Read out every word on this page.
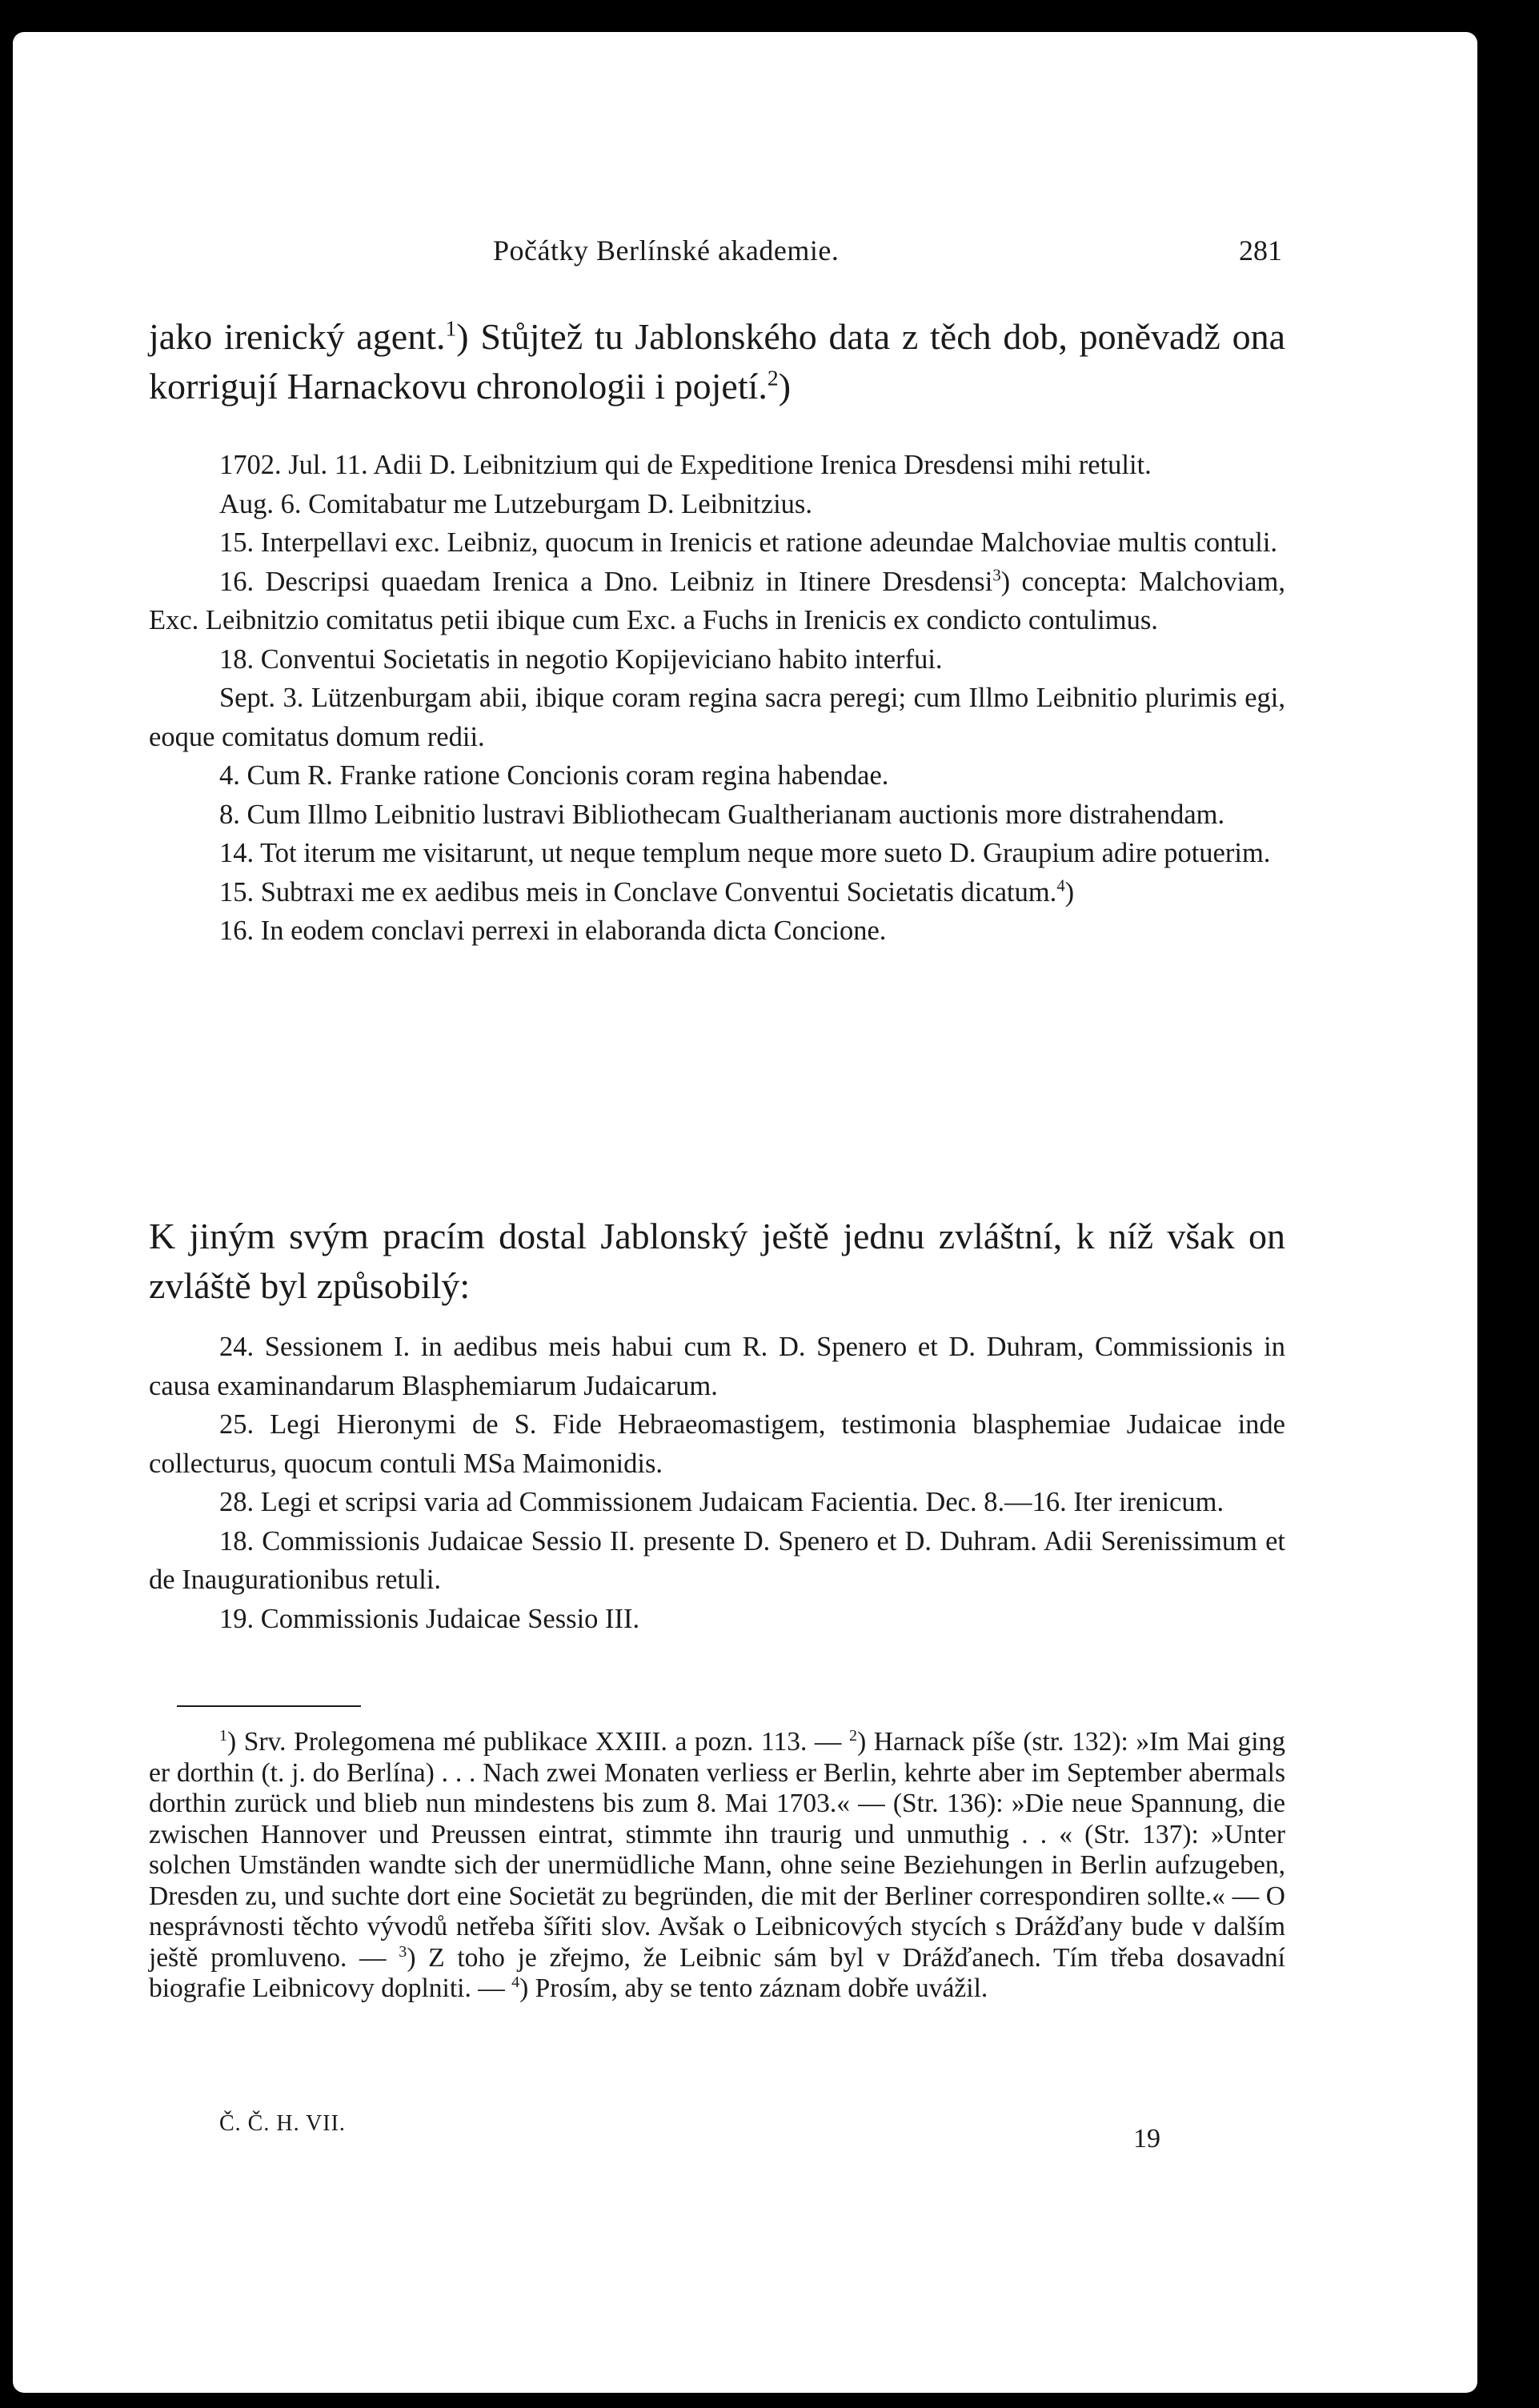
Počátky Berlínské akademie.	281
jako irenický agent.$^1$) Stůjtež tu Jablonského data z těch dob, poněvadž ona korrigují Harnackovu chronologii i pojetí.$^2$)

1702. Jul. 11. Adii D. Leibnitzium qui de Expeditione Irenica Dresdensi mihi retulit.

Aug. 6. Comitabatur me Lutzeburgam D. Leibnitzius.

15. Interpellavi exc. Leibniz, quocum in Irenicis et ratione adeundae Malchoviae multis contuli.

16. Descripsi quaedam Irenica a Dno. Leibniz in Itinere Dresdensi$^3$) concepta: Malchoviam, Exc. Leibnitzio comitatus petii ibique cum Exc. a Fuchs in Irenicis ex condicto contulimus.

18. Conventui Societatis in negotio Kopijeviciano habito interfui.

Sept. 3. Lützenburgam abii, ibique coram regina sacra peregi; cum Illmo Leibnitio plurimis egi, eoque comitatus domum redii.

4. Cum R. Franke ratione Concionis coram regina habendae.

8. Cum Illmo Leibnitio lustravi Bibliothecam Gualtherianam auctionis more distrahendam.

14. Tot iterum me visitarunt, ut neque templum neque more sueto D. Graupium adire potuerim.

15. Subtraxi me ex aedibus meis in Conclave Conventui Societatis dicatum.$^4$)

16. In eodem conclavi perrexi in elaboranda dicta Concione.

K jiným svým pracím dostal Jablonský ještě jednu zvláštní, k níž však on zvláště byl způsobilý:

24. Sessionem I. in aedibus meis habui cum R. D. Spenero et D. Duhram, Commissionis in causa examinandarum Blasphemiarum Judaicarum.

25. Legi Hieronymi de S. Fide Hebraeomastigem, testimonia blasphemiae Judaicae inde collecturus, quocum contuli MSa Maimonidis.

28. Legi et scripsi varia ad Commissionem Judaicam Facientia. Dec. 8.—16. Iter irenicum.

18. Commissionis Judaicae Sessio II. presente D. Spenero et D. Duhram. Adii Serenissimum et de Inaugurationibus retuli.

19. Commissionis Judaicae Sessio III.

$^1$) Srv. Prolegomena mé publikace XXIII. a pozn. 113. — $^2$) Harnack píše (str. 132): »Im Mai ging er dorthin (t. j. do Berlína) . . . Nach zwei Monaten verliess er Berlin, kehrte aber im September abermals dorthin zurück und blieb nun mindestens bis zum 8. Mai 1703.« — (Str. 136): »Die neue Spannung, die zwischen Hannover und Preussen eintrat, stimmte ihn traurig und unmuthig . . « (Str. 137): »Unter solchen Umständen wandte sich der unermüdliche Mann, ohne seine Beziehungen in Berlin aufzugeben, Dresden zu, und suchte dort eine Societät zu begründen, die mit der Berliner correspondiren sollte.« — O nesprávnosti těchto vývodů netřeba šířiti slov. Avšak o Leibnicových stycích s Drážďany bude v dalším ještě promluveno. — $^3$) Z toho je zřejmo, že Leibnic sám byl v Drážďanech. Tím třeba dosavadní biografie Leibnicovy doplniti. — $^4$) Prosím, aby se tento záznam dobře uvážil.

Č. Č. H. VII.
19
